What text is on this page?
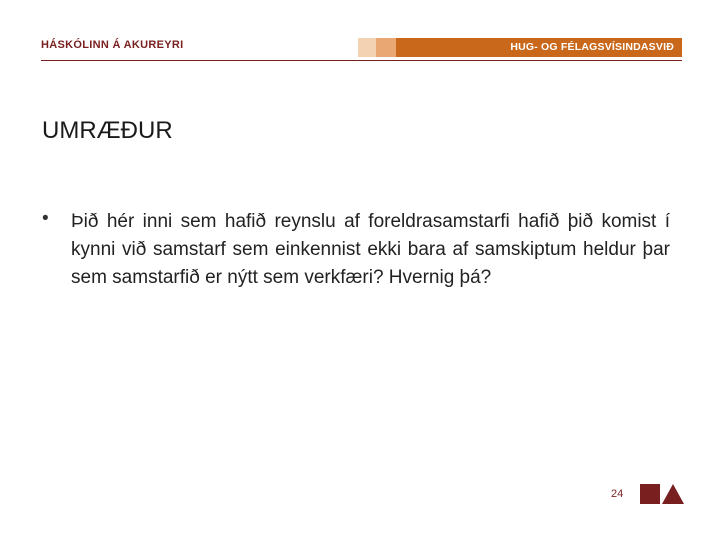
HÁSKÓLINN Á AKUREYRI	HUG- OG FÉLAGSVÍSINDASVIÐ
UMRÆÐUR
• Þið hér inni sem hafið reynslu af foreldrasamstarfi hafið þið komist í kynni við samstarf sem einkennist ekki bara af samskiptum heldur þar sem samstarfið er nýtt sem verkfæri? Hvernig þá?
24
